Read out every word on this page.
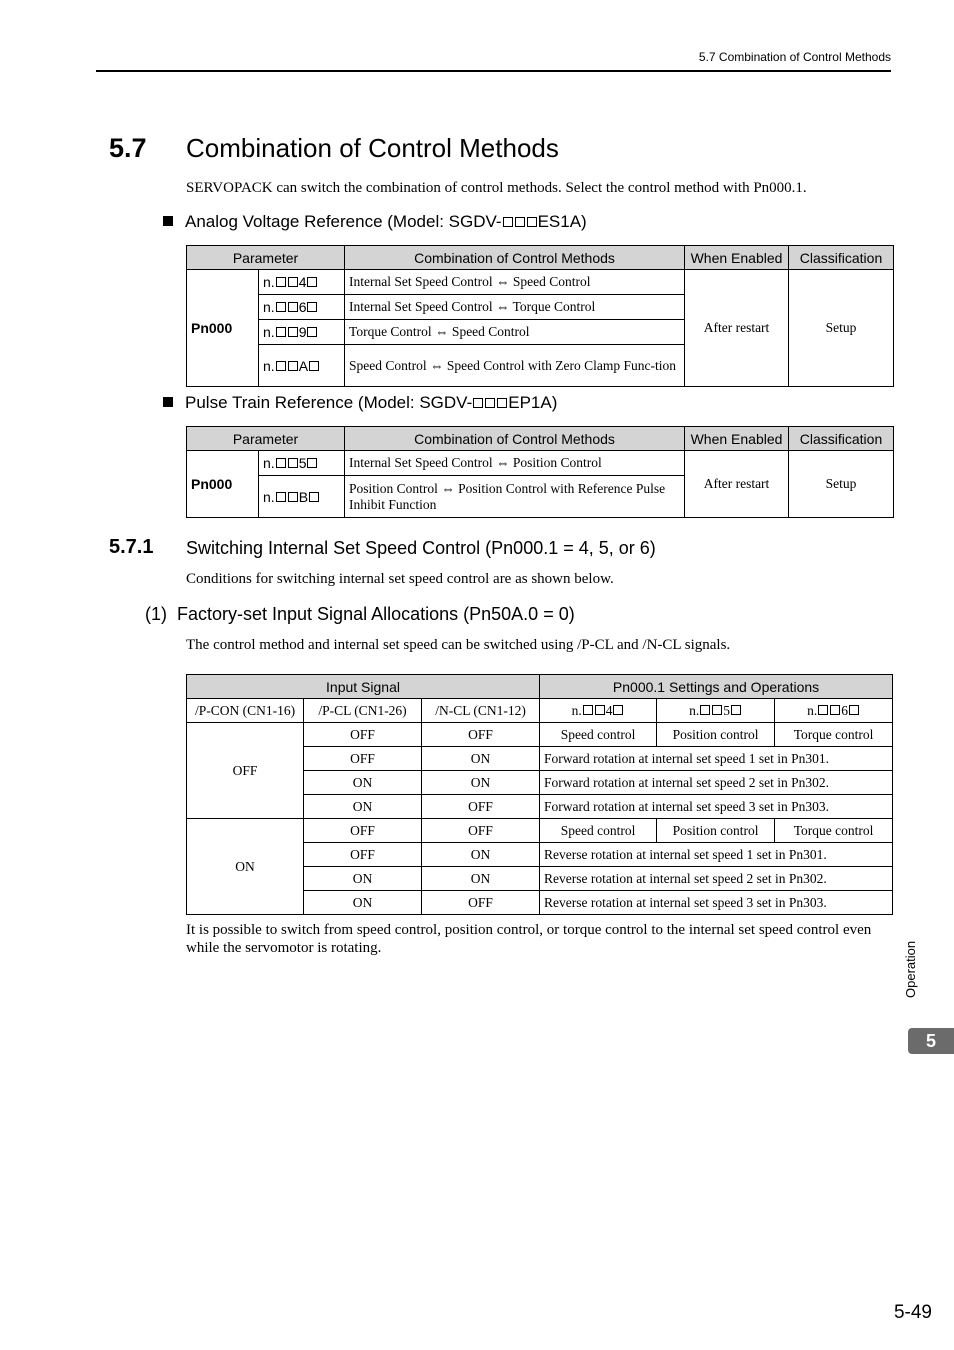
5.7 Combination of Control Methods
5.7 Combination of Control Methods
SERVOPACK can switch the combination of control methods. Select the control method with Pn000.1.
Analog Voltage Reference (Model: SGDV- ES1A)
Parameter		Combination of Control Methods	When Enabled	Classification
Pn000	n. 4	Internal Set Speed Control ⇔ Speed Control	After restart	Setup
	n. 6	Internal Set Speed Control ⇔ Torque Control		
	n. 9	Torque Control ⇔ Speed Control		
	n. A	Speed Control ⇔ Speed Control with Zero Clamp Func-tion		
Pulse Train Reference (Model: SGDV- EP1A)
Parameter		Combination of Control Methods	When Enabled	Classification
Pn000	n. 5	Internal Set Speed Control ⇔ Position Control	After restart	Setup
	n. B	Position Control ⇔ Position Control with Reference Pulse Inhibit Function		
5.7.1 Switching Internal Set Speed Control (Pn000.1 = 4, 5, or 6)
Conditions for switching internal set speed control are as shown below.
(1)  Factory-set Input Signal Allocations (Pn50A.0 = 0)
The control method and internal set speed can be switched using /P-CL and /N-CL signals.
Input Signal			Pn000.1 Settings and Operations		
/P-CON (CN1-16)	/P-CL (CN1-26)	/N-CL (CN1-12)	n. 4	n. 5	n. 6
OFF	OFF	OFF	Speed control	Position control	Torque control
	OFF	ON	Forward rotation at internal set speed 1 set in Pn301.		
	ON	ON	Forward rotation at internal set speed 2 set in Pn302.		
	ON	OFF	Forward rotation at internal set speed 3 set in Pn303.		
ON	OFF	OFF	Speed control	Position control	Torque control
	OFF	ON	Reverse rotation at internal set speed 1 set in Pn301.		
	ON	ON	Reverse rotation at internal set speed 2 set in Pn302.		
	ON	OFF	Reverse rotation at internal set speed 3 set in Pn303.		
It is possible to switch from speed control, position control, or torque control to the internal set speed control even while the servomotor is rotating.	Operation
5
5-49
